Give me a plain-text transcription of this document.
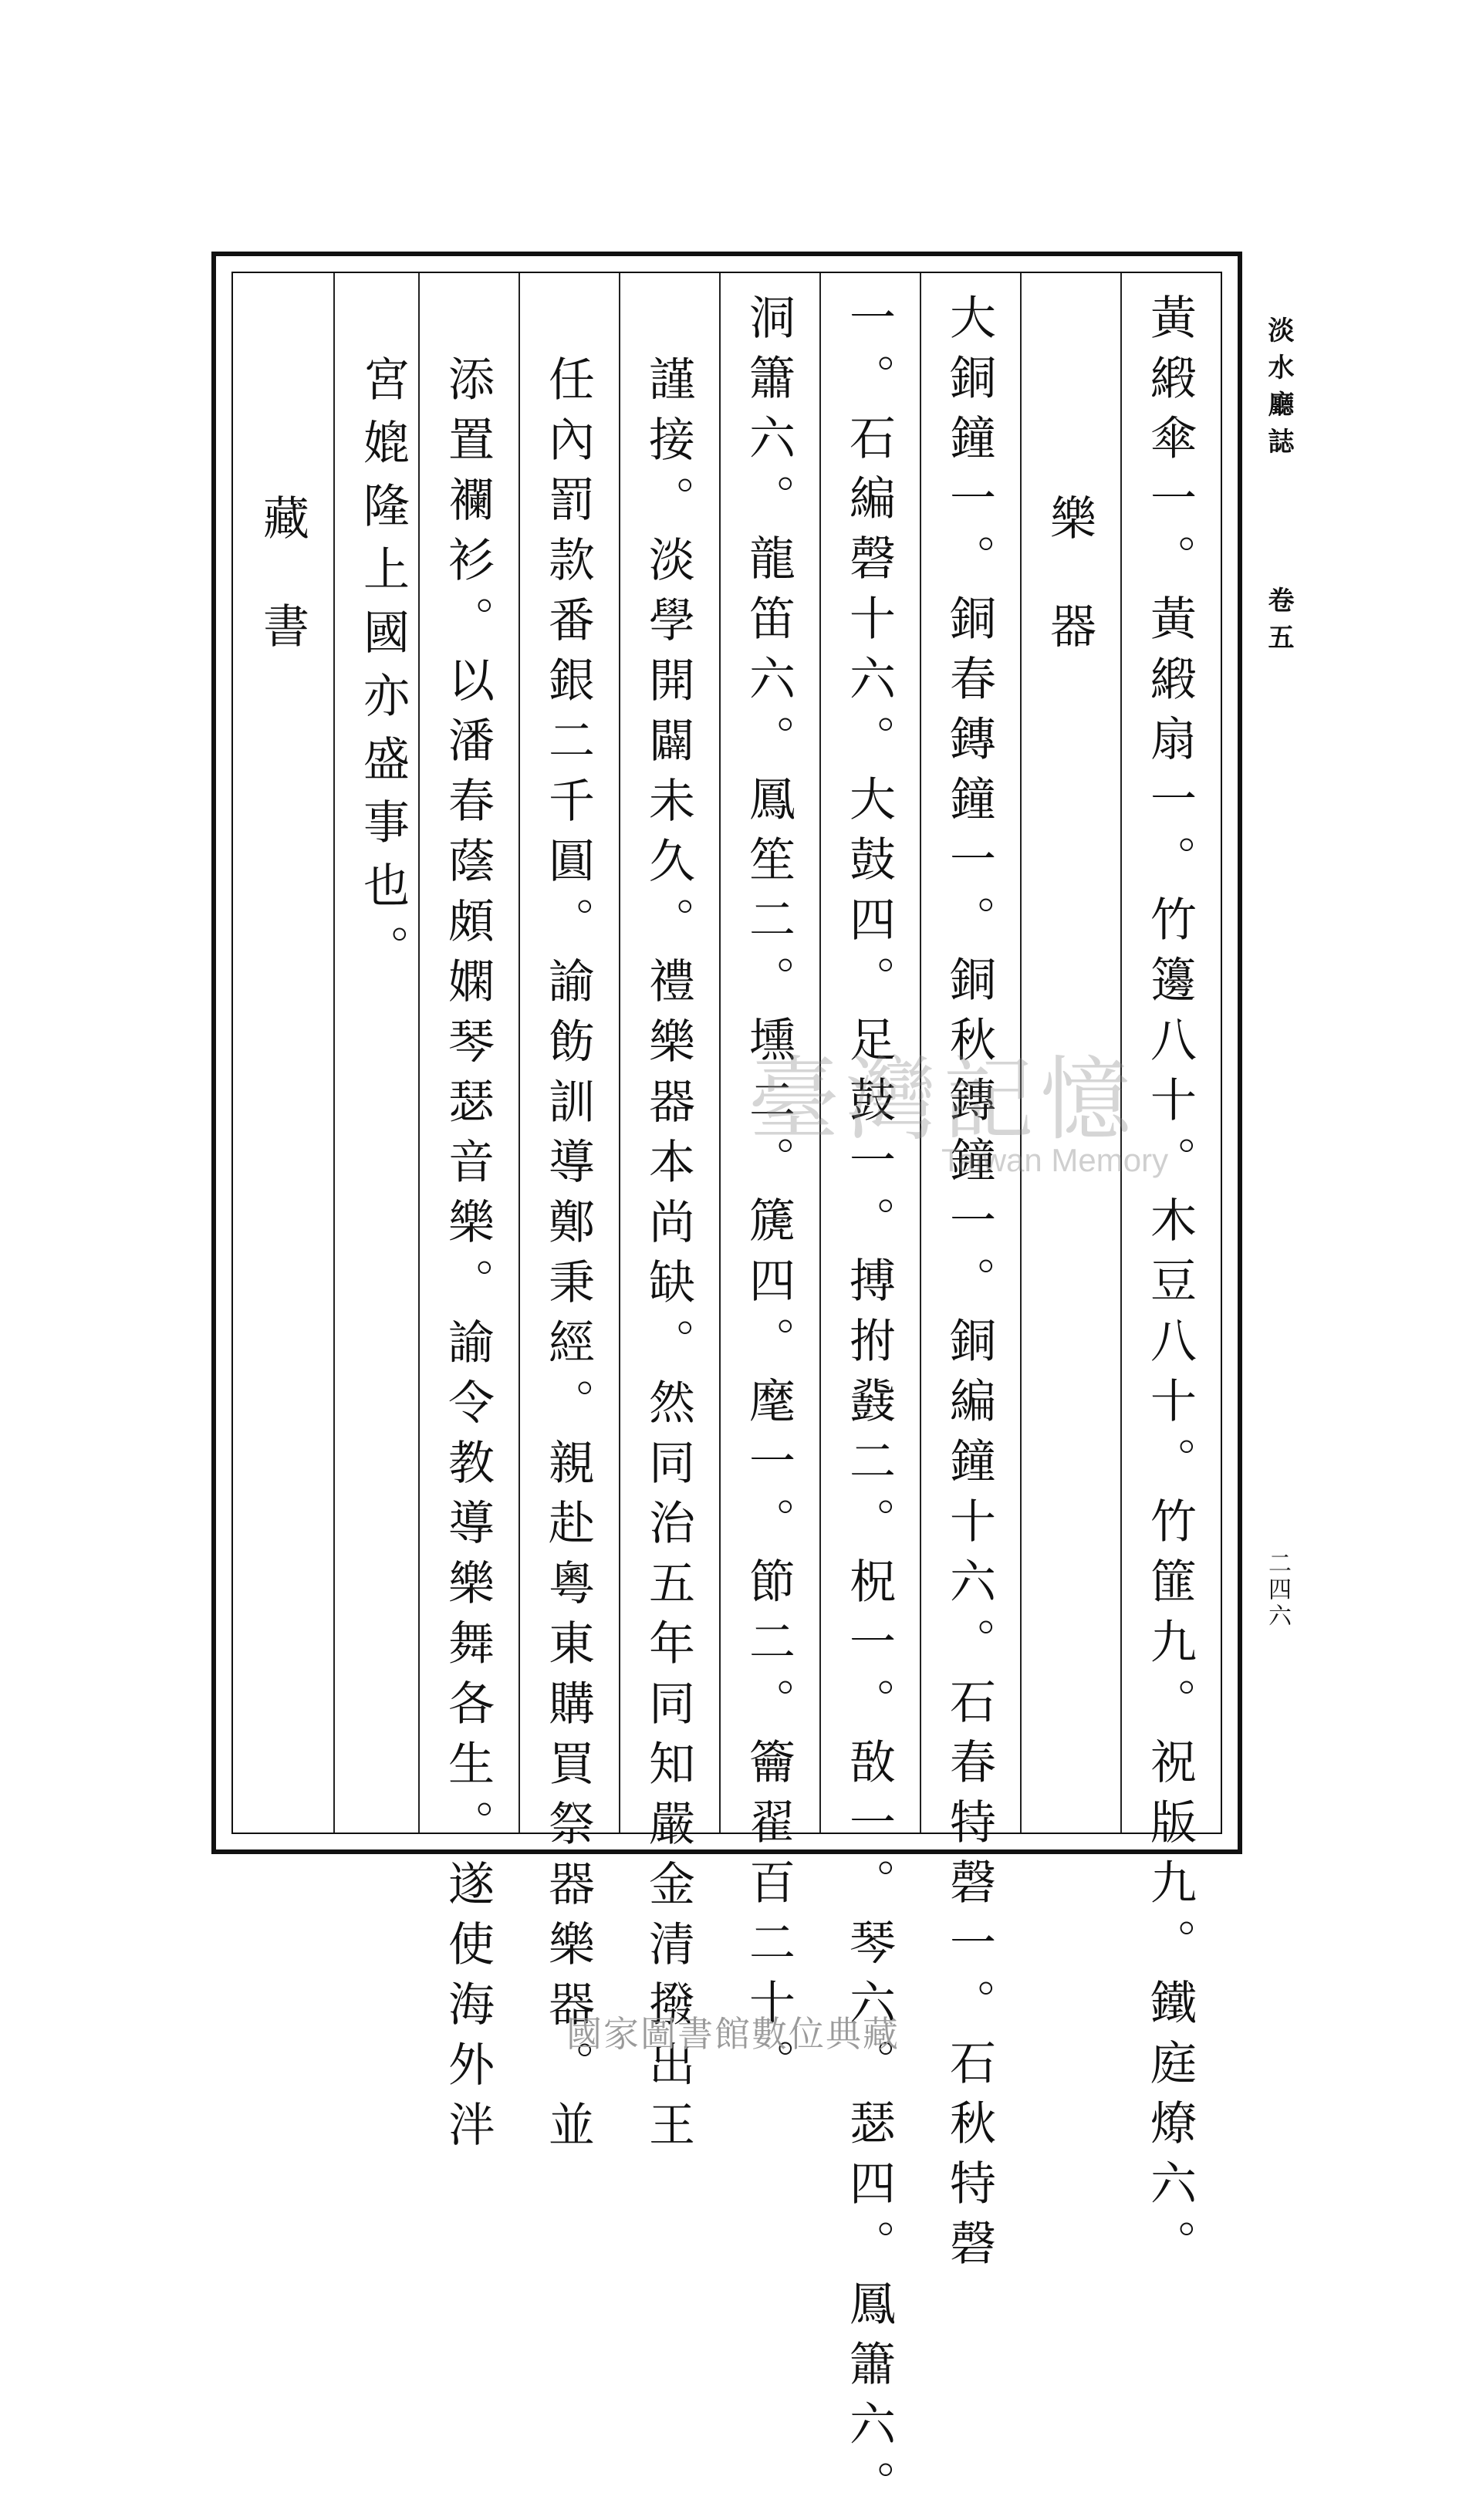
淡水廳誌
卷五
二四六
黃緞傘一。黃緞扇一。竹籩八十。木豆八十。竹篚九。祝版九。鐵庭燎六。
樂器
大銅鐘一。銅春鏄鐘一。銅秋鏄鐘一。銅編鐘十六。石春特磬一。石秋特磬
一。石編磬十六。大鼓四。足鼓一。搏拊鼗二。柷一。敔一。琴六。瑟四。鳳簫六。
洞簫六。龍笛六。鳳笙二。壎二。篪四。麾一。節二。籥翟百二十。
謹接。淡學開闢未久。禮樂器本尚缺。然同治五年同知嚴金清撥出王
任內罰款番銀二千圓。諭飭訓導鄭秉經。親赴粵東購買祭器樂器。並
添置襴衫。以潘春蔭頗嫻琴瑟音樂。諭令教導樂舞各生。遂使海外泮
宮媲隆上國亦盛事也。
藏書
臺灣記憶
Taiwan Memory
國家圖書館數位典藏
